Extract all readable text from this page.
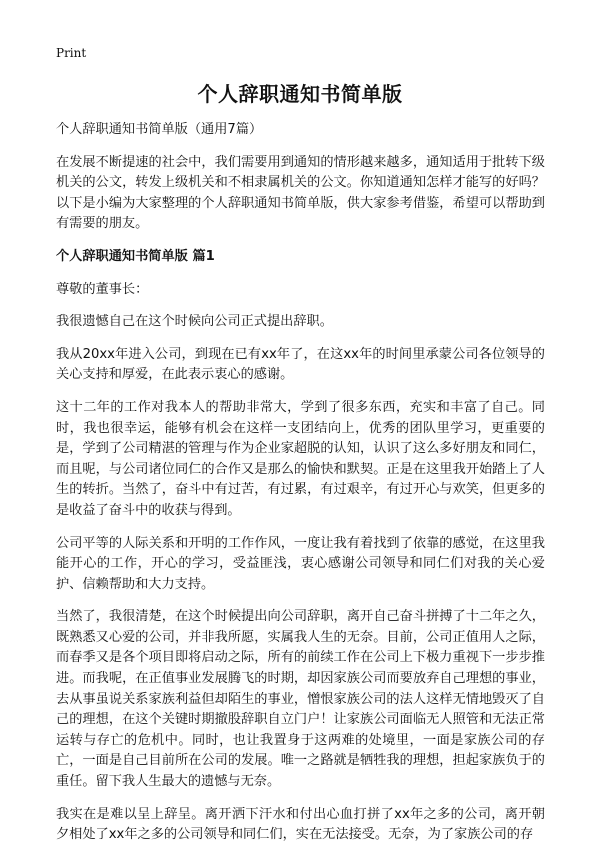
Print
个人辞职通知书简单版

个人辞职通知书简单版（通用7篇）

在发展不断提速的社会中，我们需要用到通知的情形越来越多，通知适用于批转下级机关的公文，转发上级机关和不相隶属机关的公文。你知道通知怎样才能写的好吗？以下是小编为大家整理的个人辞职通知书简单版，供大家参考借鉴，希望可以帮助到有需要的朋友。

个人辞职通知书简单版 篇1

尊敬的董事长：

我很遗憾自己在这个时候向公司正式提出辞职。

我从20xx年进入公司，到现在已有xx年了，在这xx年的时间里承蒙公司各位领导的关心支持和厚爱，在此表示衷心的感谢。

这十二年的工作对我本人的帮助非常大，学到了很多东西，充实和丰富了自己。同时，我也很幸运，能够有机会在这样一支团结向上，优秀的团队里学习，更重要的是，学到了公司精湛的管理与作为企业家超脱的认知，认识了这么多好朋友和同仁，而且呢，与公司诸位同仁的合作又是那么的愉快和默契。正是在这里我开始踏上了人生的转折。当然了，奋斗中有过苦，有过累，有过艰辛，有过开心与欢笑，但更多的是收益了奋斗中的收获与得到。

公司平等的人际关系和开明的工作作风，一度让我有着找到了依靠的感觉，在这里我能开心的工作，开心的学习，受益匪浅，衷心感谢公司领导和同仁们对我的关心爱护、信赖帮助和大力支持。

当然了，我很清楚，在这个时候提出向公司辞职，离开自己奋斗拼搏了十二年之久，既熟悉又心爱的公司，并非我所愿，实属我人生的无奈。目前，公司正值用人之际，而春季又是各个项目即将启动之际，所有的前续工作在公司上下极力重视下一步步推进。而我呢，在正值事业发展腾飞的时期，却因家族公司而要放弃自己理想的事业，去从事虽说关系家族利益但却陌生的事业，憎恨家族公司的法人这样无情地毁灭了自己的理想，在这个关键时期撤股辞职自立门户！让家族公司面临无人照管和无法正常运转与存亡的危机中。同时，也让我置身于这两难的处境里，一面是家族公司的存亡，一面是自己目前所在公司的发展。唯一之路就是牺牲我的理想，担起家族负于的重任。留下我人生最大的遗憾与无奈。

我实在是难以呈上辞呈。离开洒下汗水和付出心血打拼了xx年之多的公司，离开朝夕相处了xx年之多的公司领导和同仁们，实在无法接受。无奈，为了家族公司的存
